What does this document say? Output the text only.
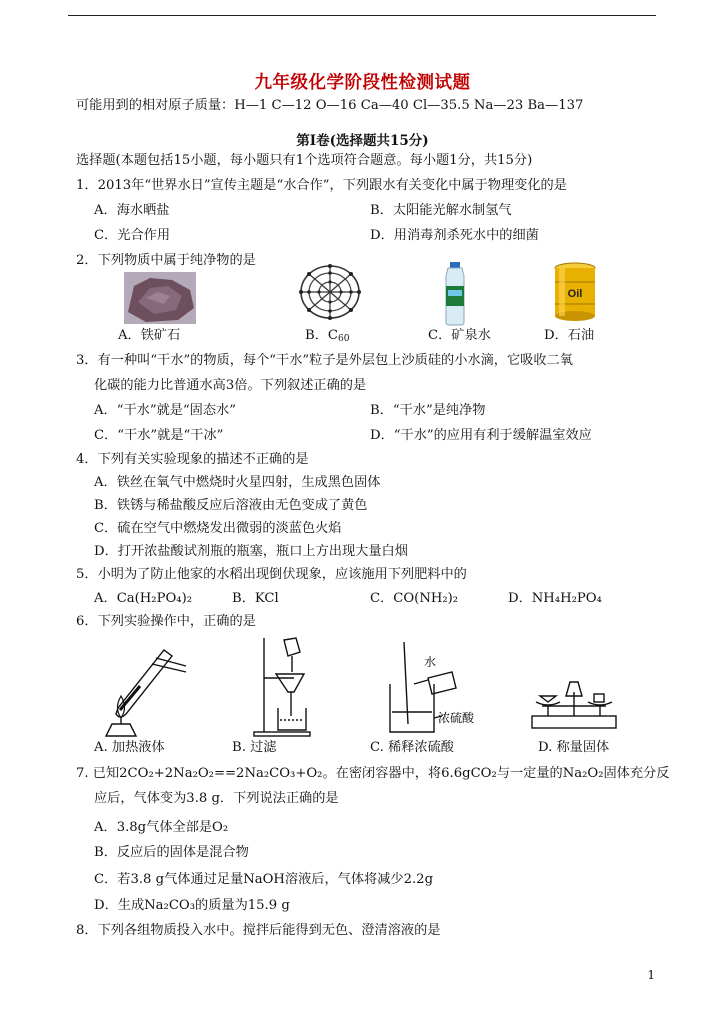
九年级化学阶段性检测试题
可能用到的相对原子质量：H—1 C—12 O—16 Ca—40 Cl—35.5 Na—23 Ba—137
第Ⅰ卷(选择题共15分)
选择题(本题包括15小题，每小题只有1个选项符合题意。每小题1分，共15分)
1．2013年“世界水日”宣传主题是“水合作”，下列跟水有关变化中属于物理变化的是
A．海水晒盐	B．太阳能光解水制氢气
C．光合作用	D．用消毒剂杀死水中的细菌
2．下列物质中属于纯净物的是
Oil
A．铁矿石	B．$C_{60}$	C．矿泉水	D．石油
3．有一种叫“干水”的物质，每个“干水”粒子是外层包上沙质硅的小水滴，它吸收二氧
化碳的能力比普通水高3倍。下列叙述正确的是
A．“干水”就是“固态水”	B．“干水”是纯净物
C．“干水”就是“干冰”	D．“干水”的应用有利于缓解温室效应
4．下列有关实验现象的描述不正确的是
A．铁丝在氧气中燃烧时火星四射，生成黑色固体
B．铁锈与稀盐酸反应后溶液由无色变成了黄色
C．硫在空气中燃烧发出微弱的淡蓝色火焰
D．打开浓盐酸试剂瓶的瓶塞，瓶口上方出现大量白烟
5．小明为了防止他家的水稻出现倒伏现象，应该施用下列肥料中的
A．Ca(H₂PO₄)₂	B．KCl	C．CO(NH₂)₂	D．NH₄H₂PO₄
6．下列实验操作中，正确的是
水
浓硫酸
A. 加热液体	B. 过滤	C. 稀释浓硫酸	D. 称量固体
7. 已知2CO₂+2Na₂O₂==2Na₂CO₃+O₂。在密闭容器中，将6.6gCO₂与一定量的Na₂O₂固体充分反
应后，气体变为3.8 g．下列说法正确的是
A．3.8g气体全部是O₂
B．反应后的固体是混合物
C．若3.8 g气体通过足量NaOH溶液后，气体将减少2.2g
D．生成Na₂CO₃的质量为15.9 g
8．下列各组物质投入水中。搅拌后能得到无色、澄清溶液的是
1
